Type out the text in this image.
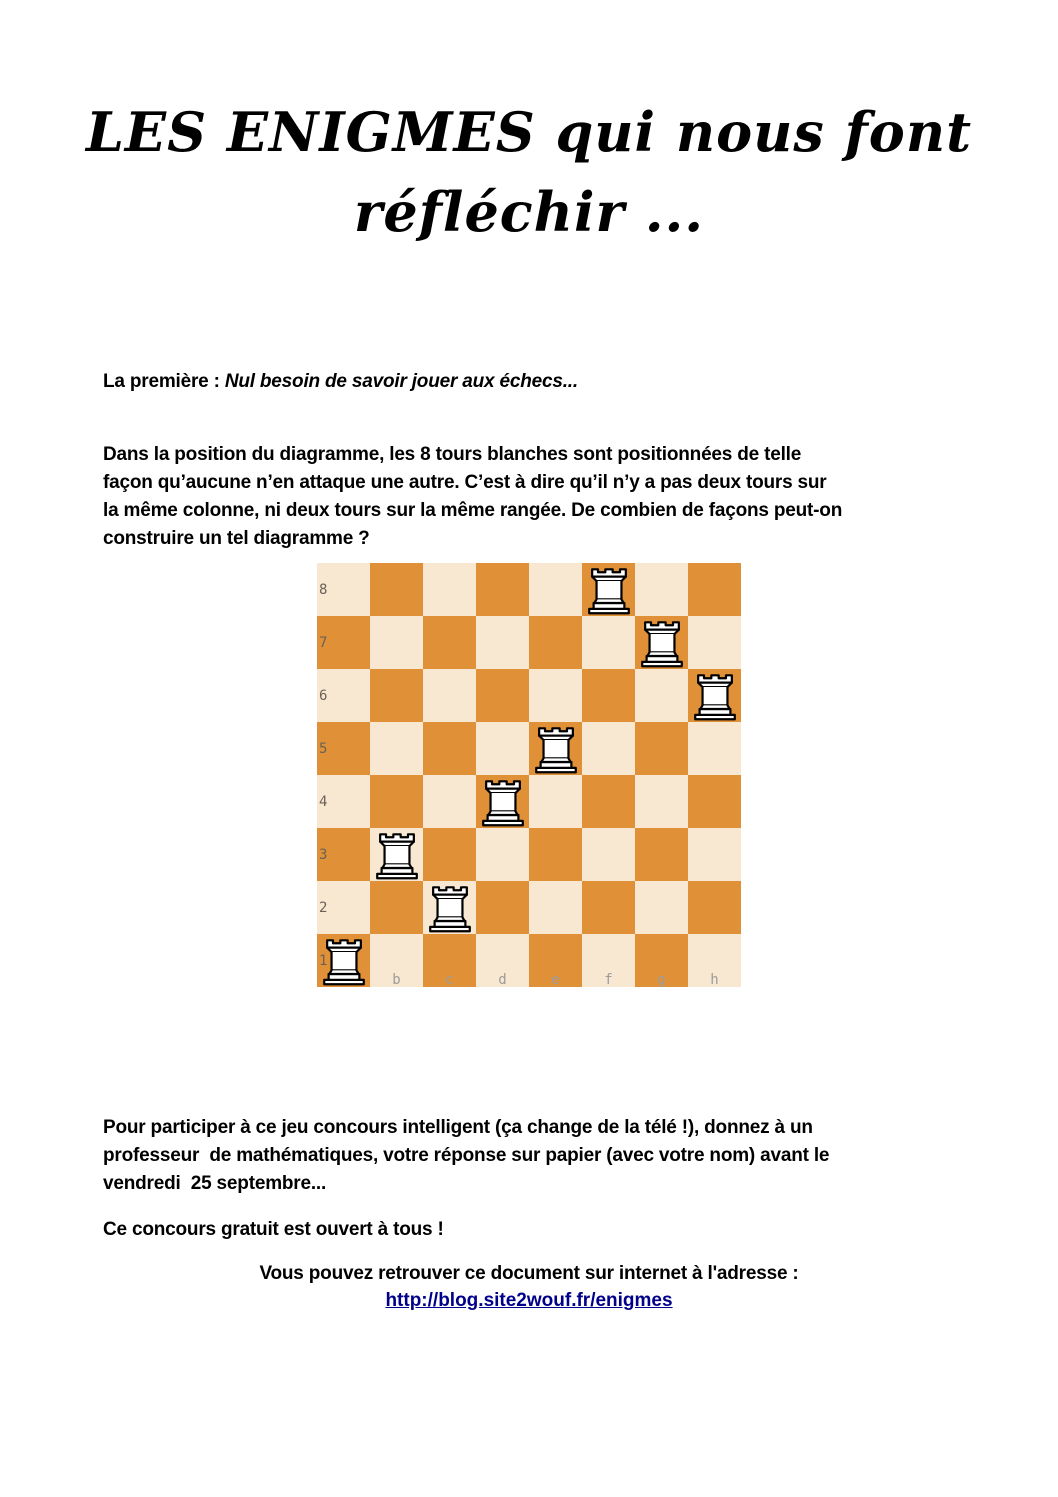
LES ENIGMES qui nous font
réfléchir ...
La première : Nul besoin de savoir jouer aux échecs...
Dans la position du diagramme, les 8 tours blanches sont positionnées de telle
façon qu’aucune n’en attaque une autre. C’est à dire qu’il n’y a pas deux tours sur
la même colonne, ni deux tours sur la même rangée. De combien de façons peut-on
construire un tel diagramme ?
8
7
6
5
4
3
2
1
b	c	d	e	f	g	h
Pour participer à ce jeu concours intelligent (ça change de la télé !), donnez à un
professeur  de mathématiques, votre réponse sur papier (avec votre nom) avant le
vendredi  25 septembre...
Ce concours gratuit est ouvert à tous !
Vous pouvez retrouver ce document sur internet à l'adresse :
http://blog.site2wouf.fr/enigmes
